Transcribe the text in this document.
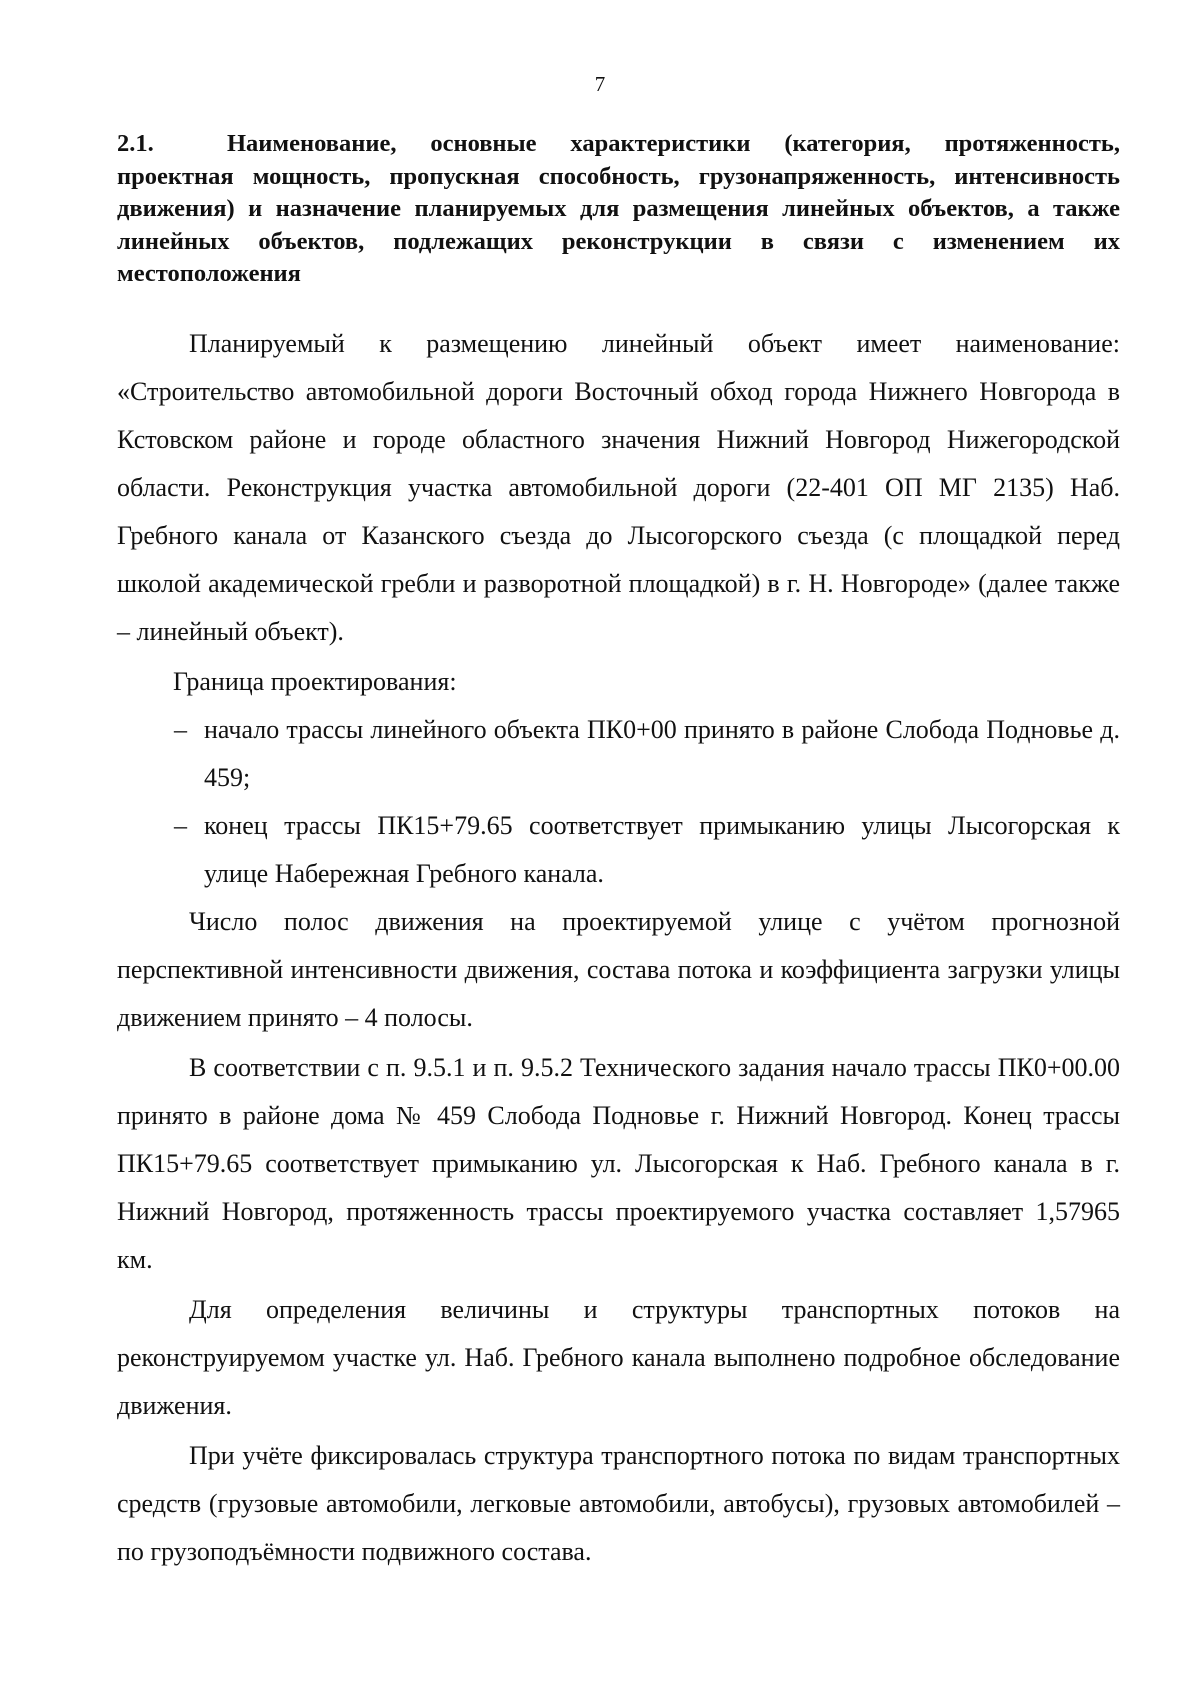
7
2.1.	Наименование, основные характеристики (категория, протяженность, проектная мощность, пропускная способность, грузонапряженность, интенсивность движения) и назначение планируемых для размещения линейных объектов, а также линейных объектов, подлежащих реконструкции в связи с изменением их местоположения

Планируемый к размещению линейный объект имеет наименование: «Строительство автомобильной дороги Восточный обход города Нижнего Новгорода в Кстовском районе и городе областного значения Нижний Новгород Нижегородской области. Реконструкция участка автомобильной дороги (22-401 ОП МГ 2135) Наб. Гребного канала от Казанского съезда до Лысогорского съезда (с площадкой перед школой академической гребли и разворотной площадкой) в г. Н. Новгороде» (далее также – линейный объект).

Граница проектирования:

– начало трассы линейного объекта ПК0+00 принято в районе Слобода Подновье д. 459;
– конец трассы ПК15+79.65 соответствует примыканию улицы Лысогорская к улице Набережная Гребного канала.

Число полос движения на проектируемой улице с учётом прогнозной перспективной интенсивности движения, состава потока и коэффициента загрузки улицы движением принято – 4 полосы.

В соответствии с п. 9.5.1 и п. 9.5.2 Технического задания начало трассы ПК0+00.00 принято в районе дома № 459 Слобода Подновье г. Нижний Новгород. Конец трассы ПК15+79.65 соответствует примыканию ул. Лысогорская к Наб. Гребного канала в г. Нижний Новгород, протяженность трассы проектируемого участка составляет 1,57965 км.

Для определения величины и структуры транспортных потоков на реконструируемом участке ул. Наб. Гребного канала выполнено подробное обследование движения.

При учёте фиксировалась структура транспортного потока по видам транспортных средств (грузовые автомобили, легковые автомобили, автобусы), грузовых автомобилей – по грузоподъёмности подвижного состава.
